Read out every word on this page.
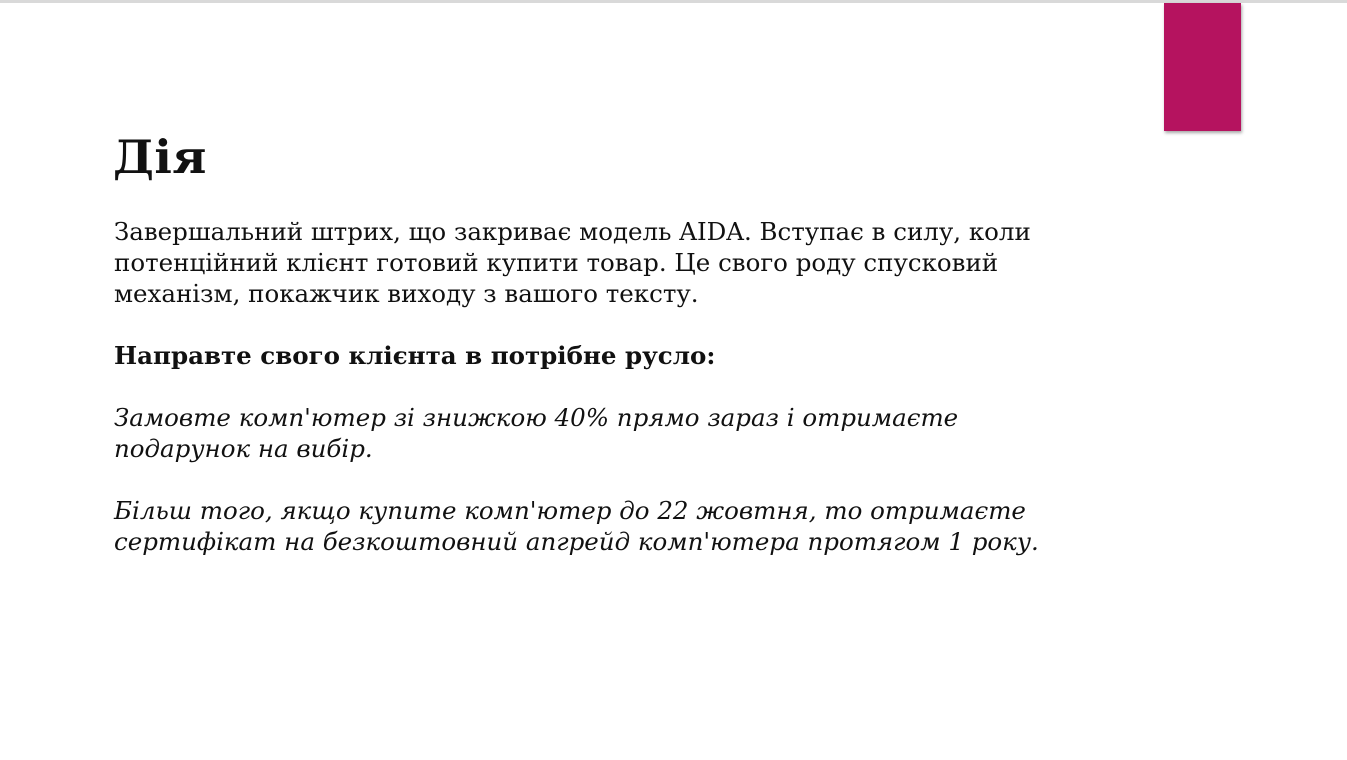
Дія

Завершальний штрих, що закриває модель AIDA. Вступає в силу, коли потенційний клієнт готовий купити товар. Це свого роду спусковий механізм, покажчик виходу з вашого тексту.

Направте свого клієнта в потрібне русло:

Замовте комп'ютер зі знижкою 40% прямо зараз і отримаєте подарунок на вибір.

Більш того, якщо купите комп'ютер до 22 жовтня, то отримаєте сертифікат на безкоштовний апгрейд комп'ютера протягом 1 року.
